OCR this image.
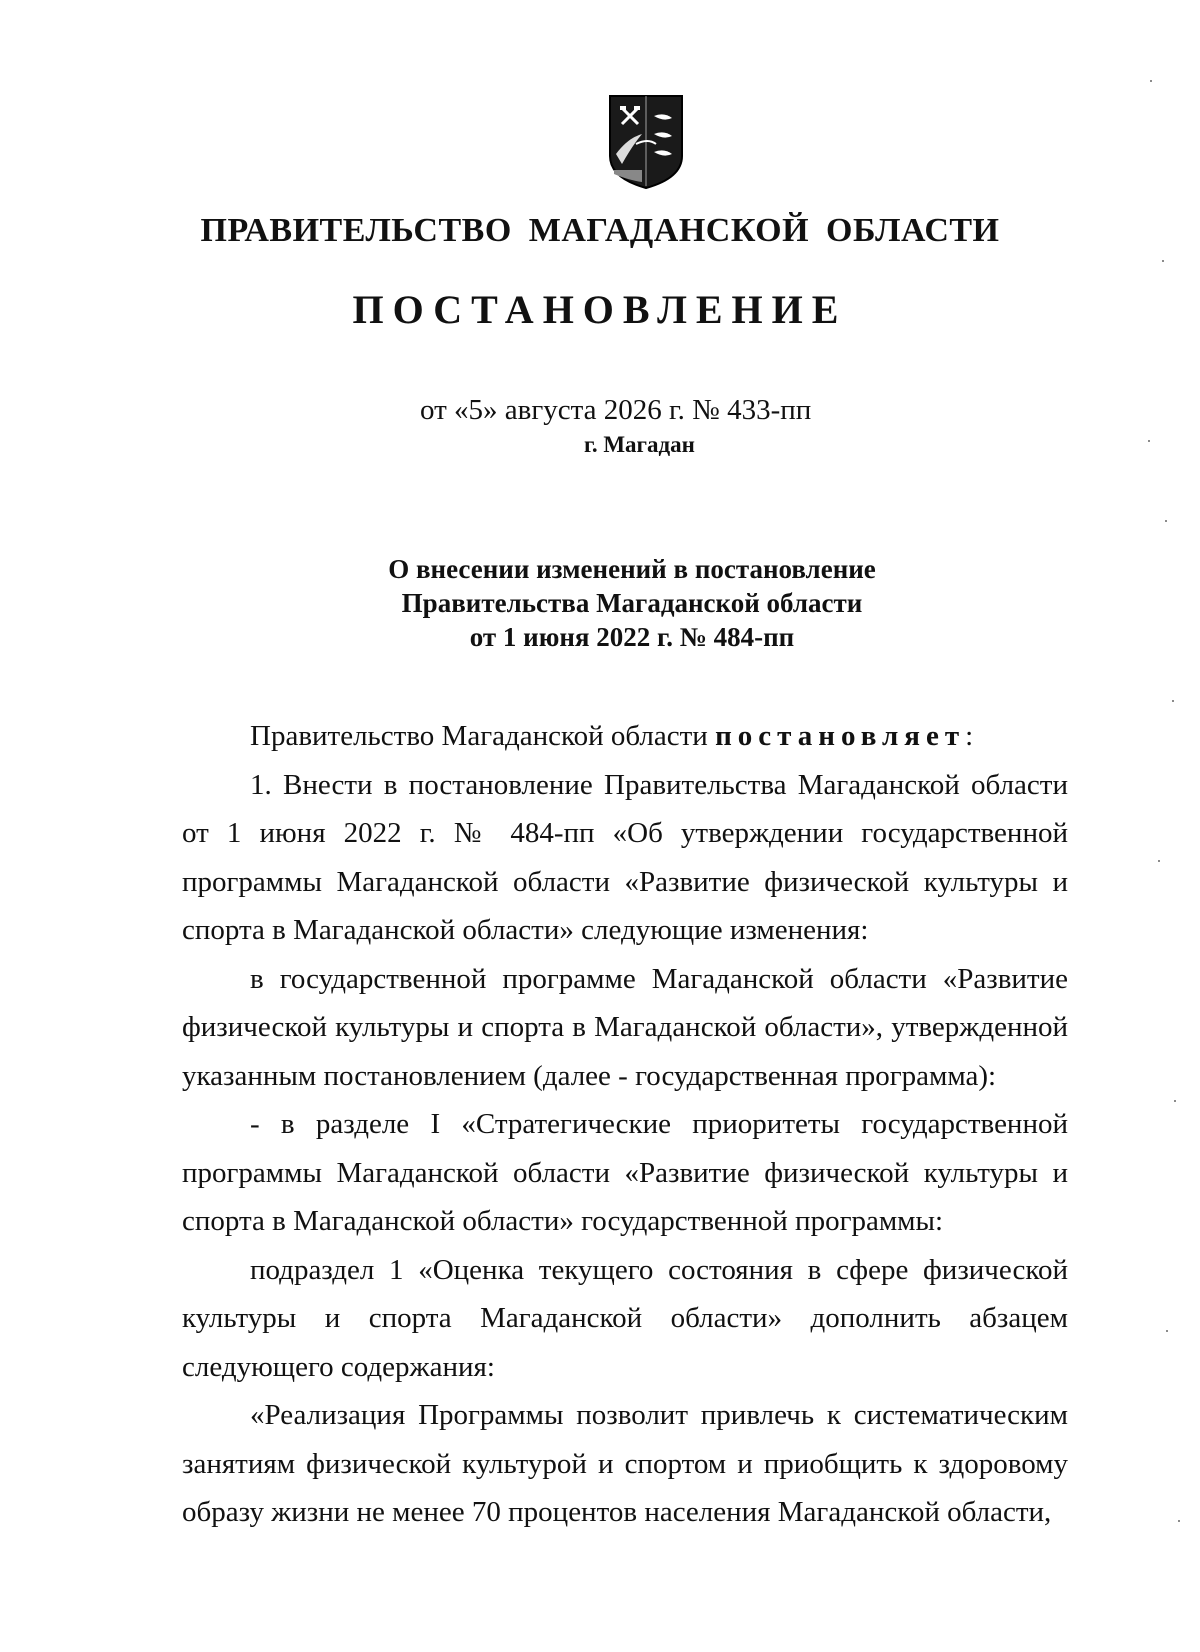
ПРАВИТЕЛЬСТВО МАГАДАНСКОЙ ОБЛАСТИ
ПОСТАНОВЛЕНИЕ
от «5» августа 2026 г. № 433-пп
г. Магадан
О внесении изменений в постановление
Правительства Магаданской области
от 1 июня 2022 г. № 484-пп

Правительство Магаданской области постановляет:

1. Внести в постановление Правительства Магаданской области от 1 июня 2022 г. № 484-пп «Об утверждении государственной программы Магаданской области «Развитие физической культуры и спорта в Магаданской области» следующие изменения:

в государственной программе Магаданской области «Развитие физической культуры и спорта в Магаданской области», утвержденной указанным постановлением (далее - государственная программа):

- в разделе I «Стратегические приоритеты государственной программы Магаданской области «Развитие физической культуры и спорта в Магаданской области» государственной программы:

подраздел 1 «Оценка текущего состояния в сфере физической культуры и спорта Магаданской области» дополнить абзацем следующего содержания:

«Реализация Программы позволит привлечь к систематическим занятиям физической культурой и спортом и приобщить к здоровому образу жизни не менее 70 процентов населения Магаданской области,
